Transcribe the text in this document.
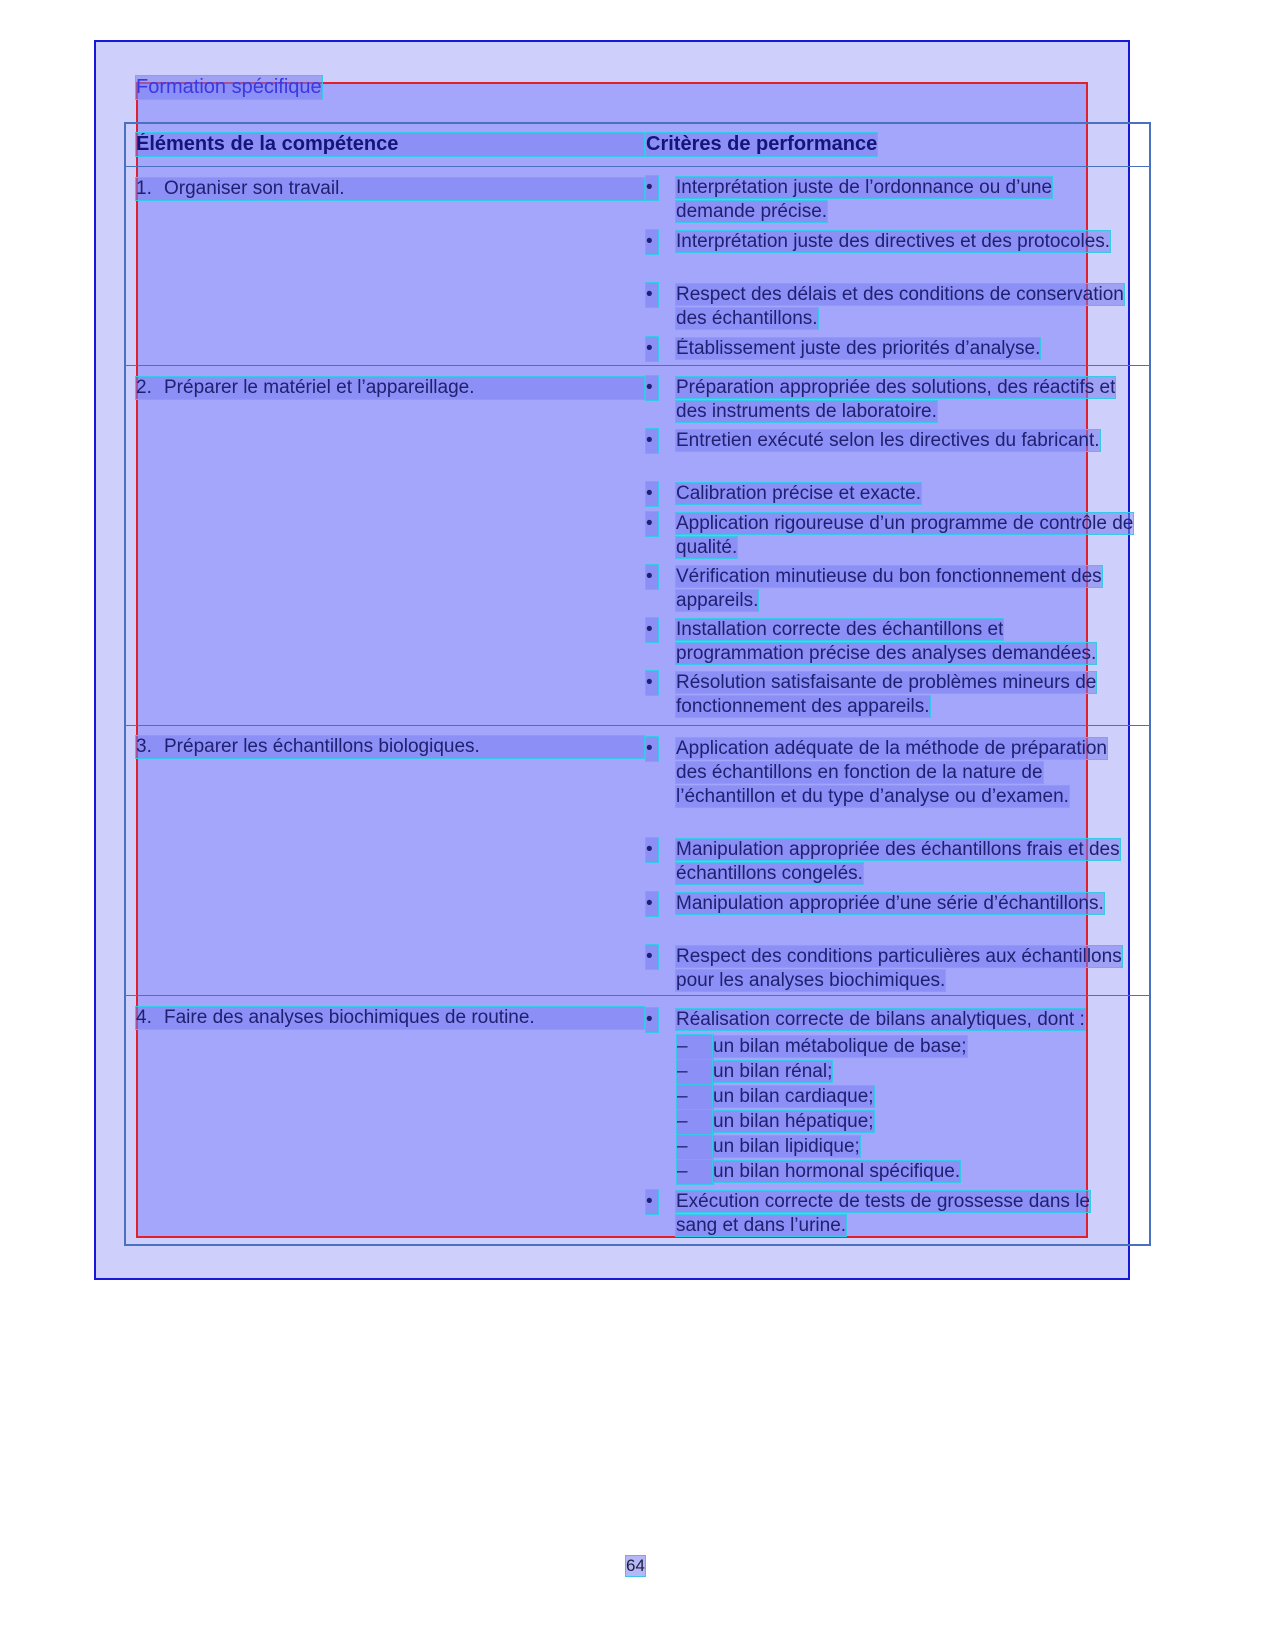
Formation spécifique
Éléments de la compétence	Critères de performance
1. Organiser son travail.	• Interprétation juste de l’ordonnance ou d’une demande précise.
• Interprétation juste des directives et des protocoles.
• Respect des délais et des conditions de conservation des échantillons.
• Établissement juste des priorités d’analyse.
2. Préparer le matériel et l’appareillage.	• Préparation appropriée des solutions, des réactifs et des instruments de laboratoire.
• Entretien exécuté selon les directives du fabricant.
• Calibration précise et exacte.
• Application rigoureuse d’un programme de contrôle de qualité.
• Vérification minutieuse du bon fonctionnement des appareils.
• Installation correcte des échantillons et programmation précise des analyses demandées.
• Résolution satisfaisante de problèmes mineurs de fonctionnement des appareils.
3. Préparer les échantillons biologiques.	• Application adéquate de la méthode de préparation des échantillons en fonction de la nature de l’échantillon et du type d’analyse ou d’examen.
• Manipulation appropriée des échantillons frais et des échantillons congelés.
• Manipulation appropriée d’une série d’échantillons.
• Respect des conditions particulières aux échantillons pour les analyses biochimiques.
4. Faire des analyses biochimiques de routine.	• Réalisation correcte de bilans analytiques, dont :
– un bilan métabolique de base;
– un bilan rénal;
– un bilan cardiaque;
– un bilan hépatique;
– un bilan lipidique;
– un bilan hormonal spécifique.
• Exécution correcte de tests de grossesse dans le sang et dans l’urine.
64
